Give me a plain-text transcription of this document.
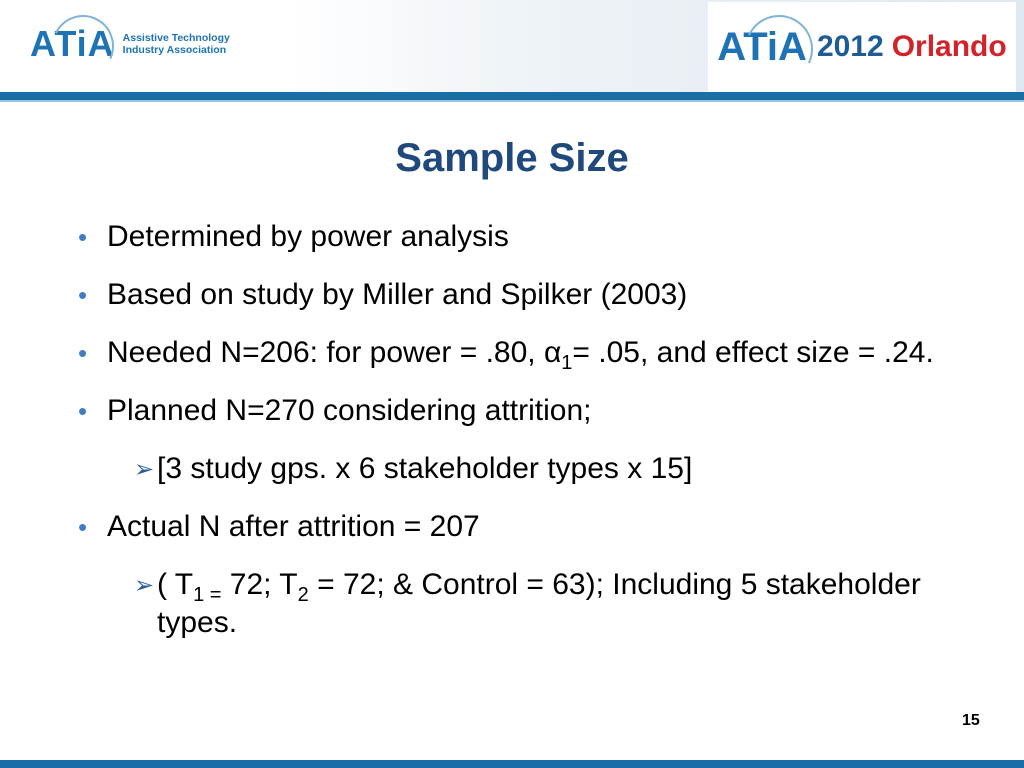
ATiA Assistive Technology
Industry Association	ATiA 2012 Orlando
Sample Size
• Determined by power analysis
• Based on study by Miller and Spilker (2003)
• Needed N=206: for power = .80, $\alpha_1= .05$, and effect size = .24.
• Planned N=270 considering attrition;
➢ [3 study gps. x 6 stakeholder types x 15]
• Actual N after attrition = 207
➢ ( $T_{1 =}$ 72; $T_2 = 72$; & Control = 63); Including 5 stakeholder types.
15
